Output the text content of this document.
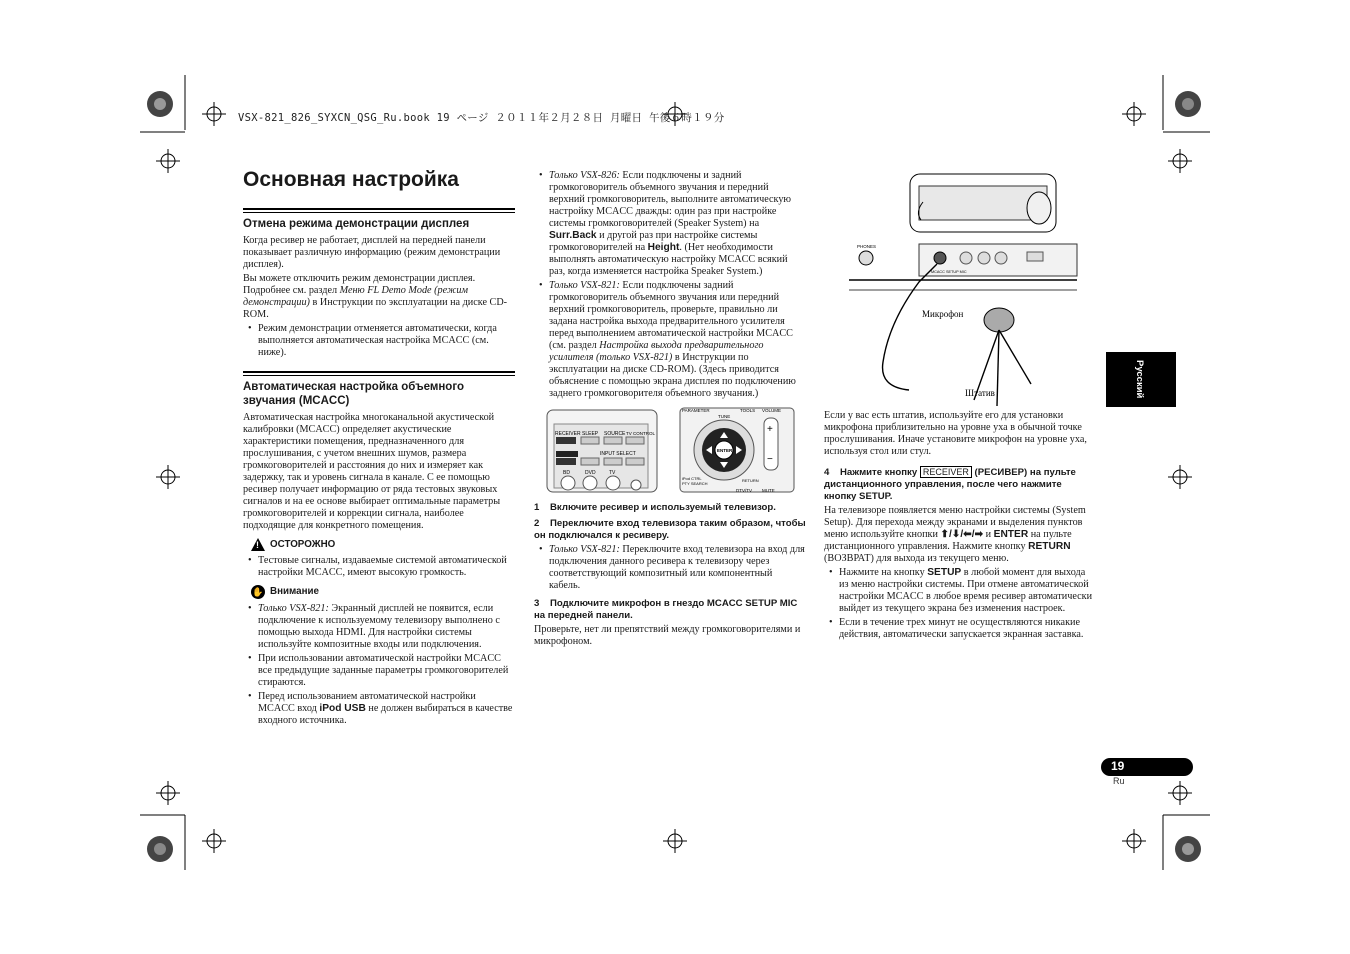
VSX-821_826_SYXCN_QSG_Ru.book 19 ページ ２０１１年２月２８日 月曜日 午後６時１９分
Основная настройка
Отмена режима демонстрации дисплея

Когда ресивер не работает, дисплей на передней панели показывает различную информацию (режим демонстрации дисплея).

Вы можете отключить режим демонстрации дисплея. Подробнее см. раздел Меню FL Demo Mode (режим демонстрации) в Инструкции по эксплуатации на диске CD-ROM.

• Режим демонстрации отменяется автоматически, когда выполняется автоматическая настройка MCACC (см. ниже).
Автоматическая настройка объемного звучания (MCACC)

Автоматическая настройка многоканальной акустической калибровки (MCACC) определяет акустические характеристики помещения, предназначенного для прослушивания, с учетом внешних шумов, размера громкоговорителей и расстояния до них и измеряет как задержку, так и уровень сигнала в канале. С ее помощью ресивер получает информацию от ряда тестовых звуковых сигналов и на ее основе выбирает оптимальные параметры громкоговорителей и коррекции сигнала, наиболее подходящие для конкретного помещения.

! ОСТОРОЖНО
• Тестовые сигналы, издаваемые системой автоматической настройки MCACC, имеют высокую громкость.
✋ Внимание
• Только VSX-821: Экранный дисплей не появится, если подключение к используемому телевизору выполнено с помощью выхода HDMI. Для настройки системы используйте композитные входы или подключения.
• При использовании автоматической настройки MCACC все предыдущие заданные параметры громкоговорителей стираются.
• Перед использованием автоматической настройки MCACC вход iPod USB не должен выбираться в качестве входного источника.
• Только VSX-826: Если подключены и задний громкоговоритель объемного звучания и передний верхний громкоговоритель, выполните автоматическую настройку MCACC дважды: один раз при настройке системы громкоговорителей (Speaker System) на Surr.Back и другой раз при настройке системы громкоговорителей на Height. (Нет необходимости выполнять автоматическую настройку MCACC всякий раз, когда изменяется настройка Speaker System.)
• Только VSX-821: Если подключены задний громкоговоритель объемного звучания или передний верхний громкоговоритель, проверьте, правильно ли задана настройка выхода предварительного усилителя перед выполнением автоматической настройки MCACC (см. раздел Настройка выхода предварительного усилителя (только VSX-821) в Инструкции по эксплуатации на диске CD-ROM). (Здесь приводится объяснение с помощью экрана дисплея по подключению заднего громкоговорителя объемного звучания.)
RECEIVER SLEEP SOURCE TV CONTROL
INPUT SELECT
BD	DVD	TV
PARAMETER	TOOLS VOLUME
TUNE
ENTER
+
−
RETURN
iPod CTRL
PTY SEARCH
DTV/TV MUTE
1 Включите ресивер и используемый телевизор.
2 Переключите вход телевизора таким образом, чтобы он подключался к ресиверу.
• Только VSX-821: Переключите вход телевизора на вход для подключения данного ресивера к телевизору через соответствующий композитный или компонентный кабель.
3 Подключите микрофон в гнездо MCACC SETUP MIC на передней панели.

Проверьте, нет ли препятствий между громкоговорителями и микрофоном.

PHONES
MCACC SETUP MIC
Микрофон
Штатив

Если у вас есть штатив, используйте его для установки микрофона приблизительно на уровне уха в обычной точке прослушивания. Иначе установите микрофон на уровне уха, используя стол или стул.

4 Нажмите кнопку RECEIVER (РЕСИВЕР) на пульте дистанционного управления, после чего нажмите кнопку SETUP.

На телевизоре появляется меню настройки системы (System Setup). Для перехода между экранами и выделения пунктов меню используйте кнопки ⬆/⬇/⬅/➡ и ENTER на пульте дистанционного управления. Нажмите кнопку RETURN (ВОЗВРАТ) для выхода из текущего меню.

• Нажмите на кнопку SETUP в любой момент для выхода из меню настройки системы. При отмене автоматической настройки MCACC в любое время ресивер автоматически выйдет из текущего экрана без изменения настроек.
• Если в течение трех минут не осуществляются никакие действия, автоматически запускается экранная заставка.
Русский
19
Ru
